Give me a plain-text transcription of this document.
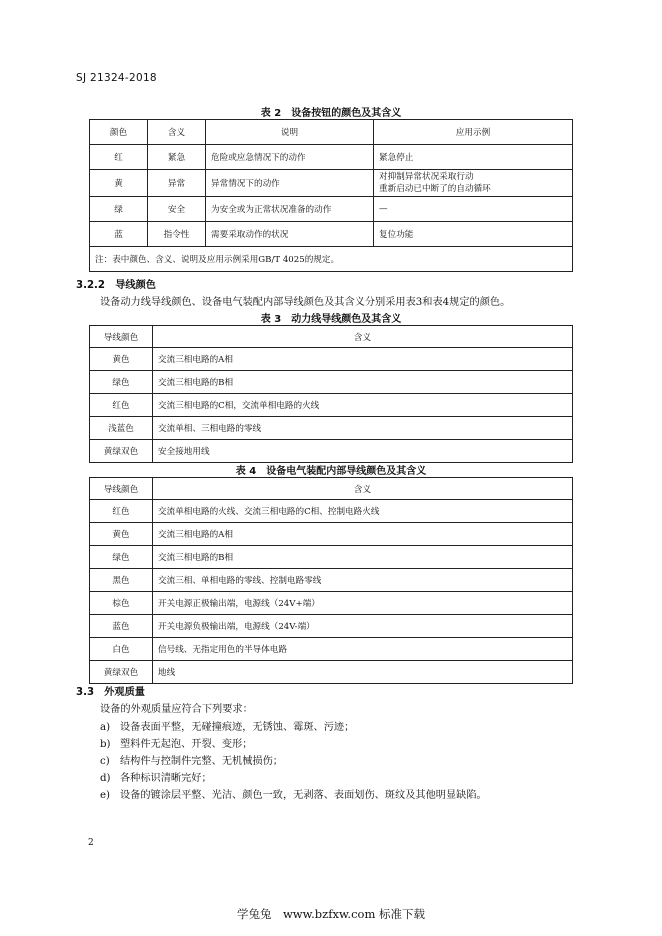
SJ 21324-2018
表 2　设备按钮的颜色及其含义
颜色	含义	说明	应用示例
红	紧急	危险或应急情况下的动作	紧急停止
黄	异常	异常情况下的动作	对抑制异常状况采取行动
重新启动已中断了的自动循环

绿	安全	为安全或为正常状况准备的动作	—
蓝	指令性	需要采取动作的状况	复位功能
注：表中颜色、含义、说明及应用示例采用GB/T 4025的规定。			
3.2.2　导线颜色
设备动力线导线颜色、设备电气装配内部导线颜色及其含义分别采用表3和表4规定的颜色。
表 3　动力线导线颜色及其含义
导线颜色	含义
黄色	交流三相电路的A相
绿色	交流三相电路的B相
红色	交流三相电路的C相，交流单相电路的火线
浅蓝色	交流单相、三相电路的零线
黄绿双色	安全接地用线
表 4　设备电气装配内部导线颜色及其含义
导线颜色	含义
红色	交流单相电路的火线、交流三相电路的C相、控制电路火线
黄色	交流三相电路的A相
绿色	交流三相电路的B相
黑色	交流三相、单相电路的零线、控制电路零线
棕色	开关电源正极输出端，电源线（24V+端）
蓝色	开关电源负极输出端，电源线（24V-端）
白色	信号线、无指定用色的半导体电路
黄绿双色	地线
3.3　外观质量
设备的外观质量应符合下列要求：
a) 设备表面平整，无碰撞痕迹，无锈蚀、霉斑、污迹；
b) 塑料件无起泡、开裂、变形；
c) 结构件与控制件完整、无机械损伤；
d) 各种标识清晰完好；
e) 设备的镀涂层平整、光洁、颜色一致，无剥落、表面划伤、斑纹及其他明显缺陷。
2
学兔兔　www.bzfxw.com 标准下载
